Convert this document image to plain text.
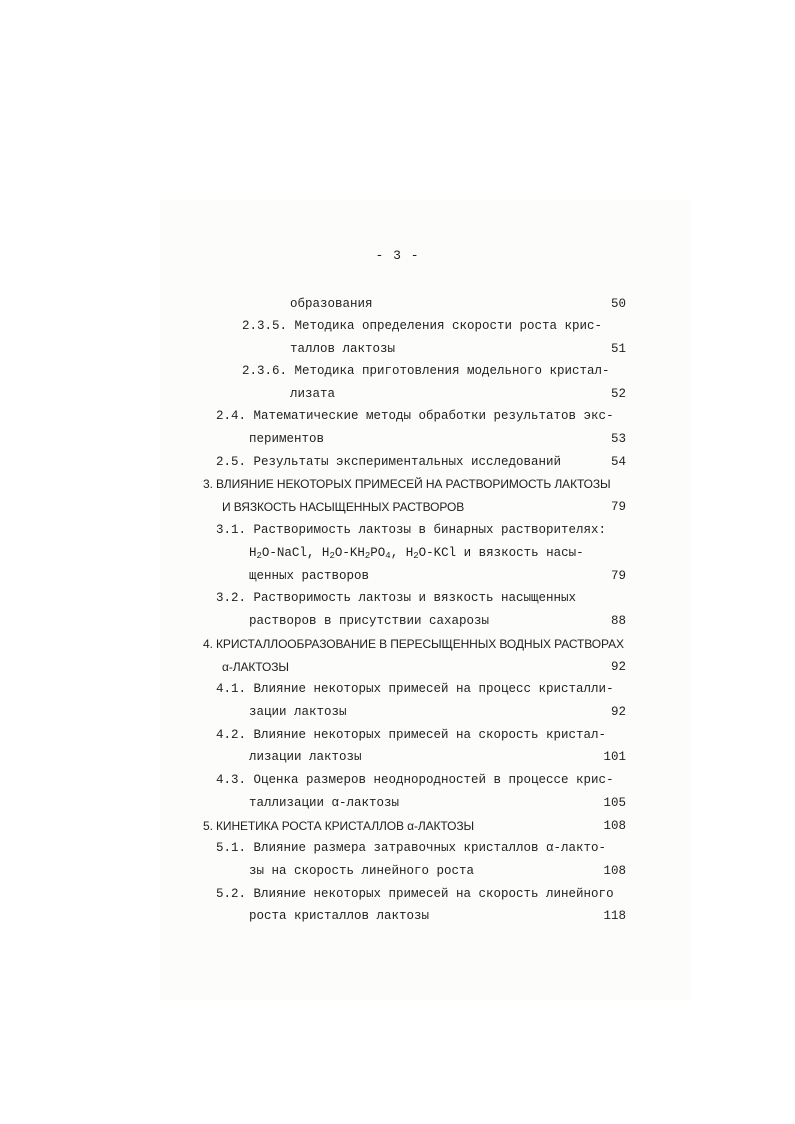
- 3 -
образования	50
2.3.5. Методика определения скорости роста крис-
таллов лактозы	51
2.3.6. Методика приготовления модельного кристал-
лизата	52
2.4. Математические методы обработки результатов экс-
периментов	53
2.5. Результаты экспериментальных исследований	54
3. ВЛИЯНИЕ НЕКОТОРЫХ ПРИМЕСЕЙ НА РАСТВОРИМОСТЬ ЛАКТОЗЫ
И ВЯЗКОСТЬ НАСЫЩЕННЫХ РАСТВОРОВ	79
3.1. Растворимость лактозы в бинарных растворителях:
$H_2O$-NaCl, $H_2O-KH_2PO_4$, $H_2O$-KCl и вязкость насы-
щенных растворов	79
3.2. Растворимость лактозы и вязкость насыщенных
растворов в присутствии сахарозы	88
4. КРИСТАЛЛООБРАЗОВАНИЕ В ПЕРЕСЫЩЕННЫХ ВОДНЫХ РАСТВОРАХ
α-ЛАКТОЗЫ	92
4.1. Влияние некоторых примесей на процесс кристалли-
зации лактозы	92
4.2. Влияние некоторых примесей на скорость кристал-
лизации лактозы	101
4.3. Оценка размеров неоднородностей в процессе крис-
таллизации α-лактозы	105
5. КИНЕТИКА РОСТА КРИСТАЛЛОВ α-ЛАКТОЗЫ	108
5.1. Влияние размера затравочных кристаллов α-лакто-
зы на скорость линейного роста	108
5.2. Влияние некоторых примесей на скорость линейного
роста кристаллов лактозы	118
